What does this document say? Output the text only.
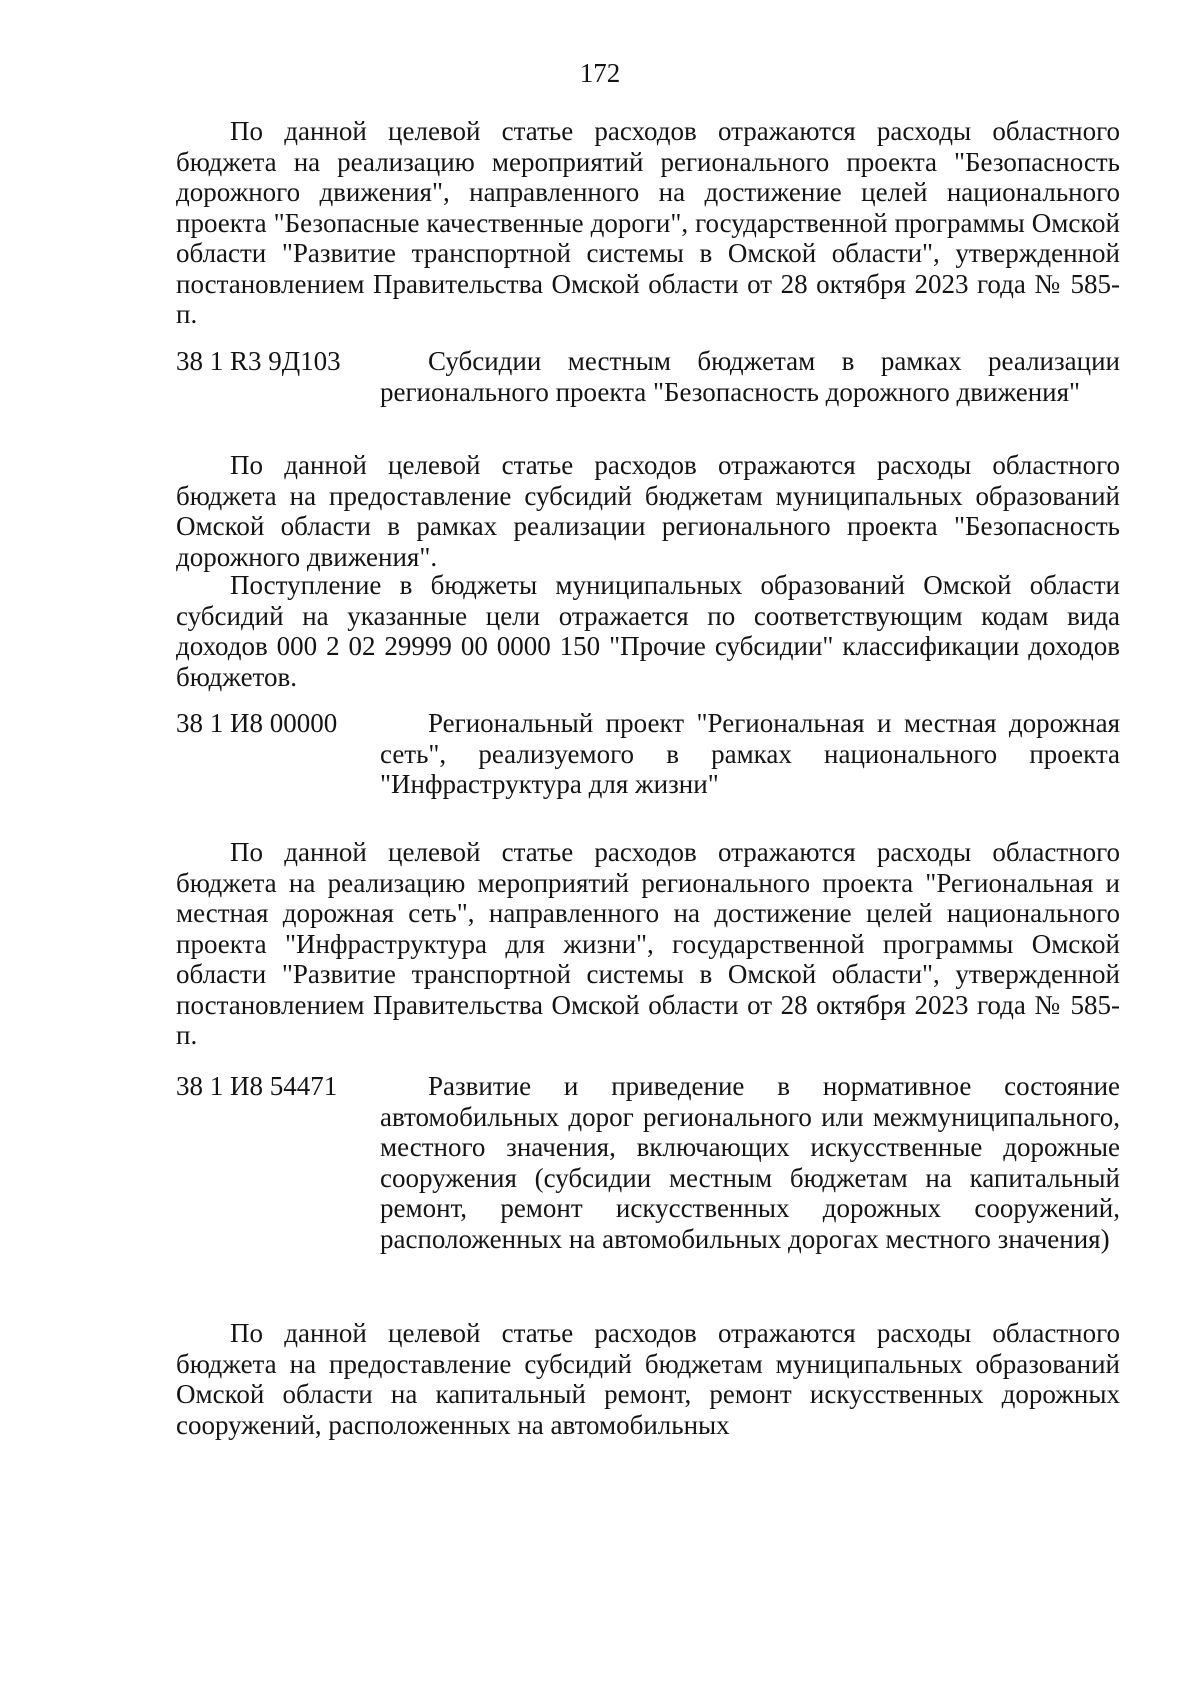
172

По данной целевой статье расходов отражаются расходы областного бюджета на реализацию мероприятий регионального проекта "Безопасность дорожного движения", направленного на достижение целей национального проекта "Безопасные качественные дороги", государственной программы Омской области "Развитие транспортной системы в Омской области", утвержденной постановлением Правительства Омской области от 28 октября 2023 года № 585-п.

38 1 R3 9Д103	Субсидии местным бюджетам в рамках реализации регионального проекта "Безопасность дорожного движения"

По данной целевой статье расходов отражаются расходы областного бюджета на предоставление субсидий бюджетам муниципальных образований Омской области в рамках реализации регионального проекта "Безопасность дорожного движения".

Поступление в бюджеты муниципальных образований Омской области субсидий на указанные цели отражается по соответствующим кодам вида доходов 000 2 02 29999 00 0000 150 "Прочие субсидии" классификации доходов бюджетов.

38 1 И8 00000	Региональный проект "Региональная и местная дорожная сеть", реализуемого в рамках национального проекта "Инфраструктура для жизни"

По данной целевой статье расходов отражаются расходы областного бюджета на реализацию мероприятий регионального проекта "Региональная и местная дорожная сеть", направленного на достижение целей национального проекта "Инфраструктура для жизни", государственной программы Омской области "Развитие транспортной системы в Омской области", утвержденной постановлением Правительства Омской области от 28 октября 2023 года № 585-п.

38 1 И8 54471	Развитие и приведение в нормативное состояние автомобильных дорог регионального или межмуниципального, местного значения, включающих искусственные дорожные сооружения (субсидии местным бюджетам на капитальный ремонт, ремонт искусственных дорожных сооружений, расположенных на автомобильных дорогах местного значения)

По данной целевой статье расходов отражаются расходы областного бюджета на предоставление субсидий бюджетам муниципальных образований Омской области на капитальный ремонт, ремонт искусственных дорожных сооружений, расположенных на автомобильных
